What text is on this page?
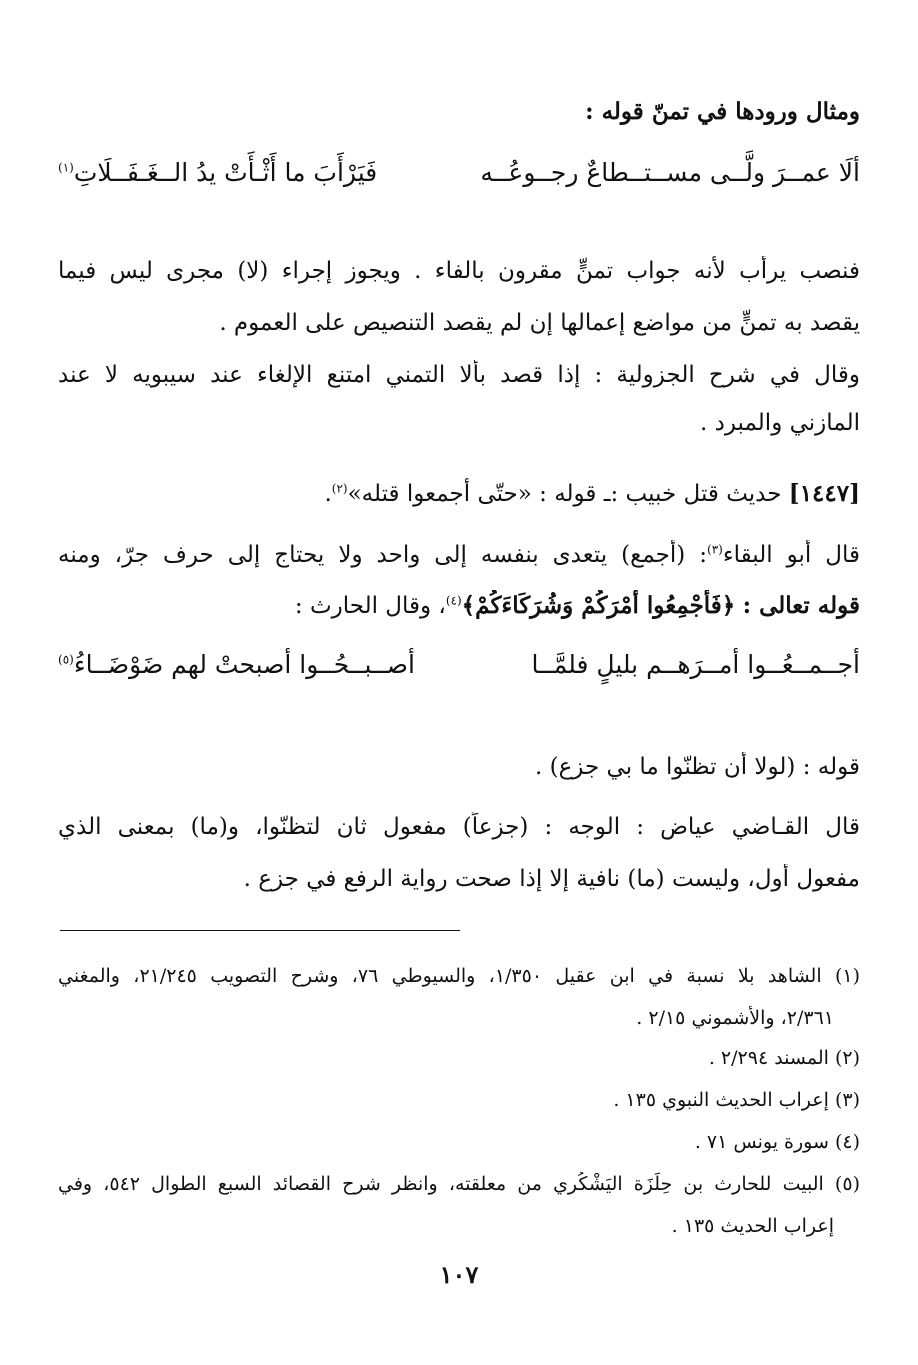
ومثال ورودها في تمنّ قوله :
ألَا عمــرَ ولَّــى مســتــطاعٌ رجــوعُــه
فَيَرْأَبَ ما أَثْـأَتْ يدُ الــغَـفَــلَاتِ$^{(١)}$
فنصب يرأب لأنه جواب تمنٍّ مقرون بالفاء . ويجوز إجراء (لا) مجرى ليس فيما
يقصد به تمنٍّ من مواضع إعمالها إن لم يقصد التنصيص على العموم .
وقال في شرح الجزولية : إذا قصد بألا التمني امتنع الإلغاء عند سيبويه لا عند
المازني والمبرد .
[١٤٤٧] حديث قتل خبيب :ـ قوله : «حتّى أجمعوا قتله»$^{(٢)}$.
قال أبو البقاء$^{(٣)}$: (أجمع) يتعدى بنفسه إلى واحد ولا يحتاج إلى حرف جرّ، ومنه
قوله تعالى : ﴿فَأَجْمِعُوا أَمْرَكُمْ وَشُرَكَاءَكُمْ﴾$^{(٤)}$، وقال الحارث :
أجــمــعُــوا أمــرَهــم بليلٍ فلمَّــا
أصــبــحُــوا أصبحتْ لهم ضَوْضَــاءُ$^{(٥)}$
قوله : (لولا أن تظنّوا ما بي جزع) .
قال القـاضي عياض : الوجه : (جزعاً) مفعول ثان لتظنّوا، و(ما) بمعنى الذي
مفعول أول، وليست (ما) نافية إلا إذا صحت رواية الرفع في جزع .
(١) الشاهد بلا نسبة في ابن عقيل ١/٣٥٠، والسيوطي ٧٦، وشرح التصويب ٢١/٢٤٥، والمغني
٢/٣٦١، والأشموني ٢/١٥ .
(٢) المسند ٢/٢٩٤ .
(٣) إعراب الحديث النبوي ١٣٥ .
(٤) سورة يونس ٧١ .
(٥) البيت للحارث بن حِلِّزَة اليَشْكُري من معلقته، وانظر شرح القصائد السبع الطوال ٥٤٢، وفي
إعراب الحديث ١٣٥ .
١٠٧
